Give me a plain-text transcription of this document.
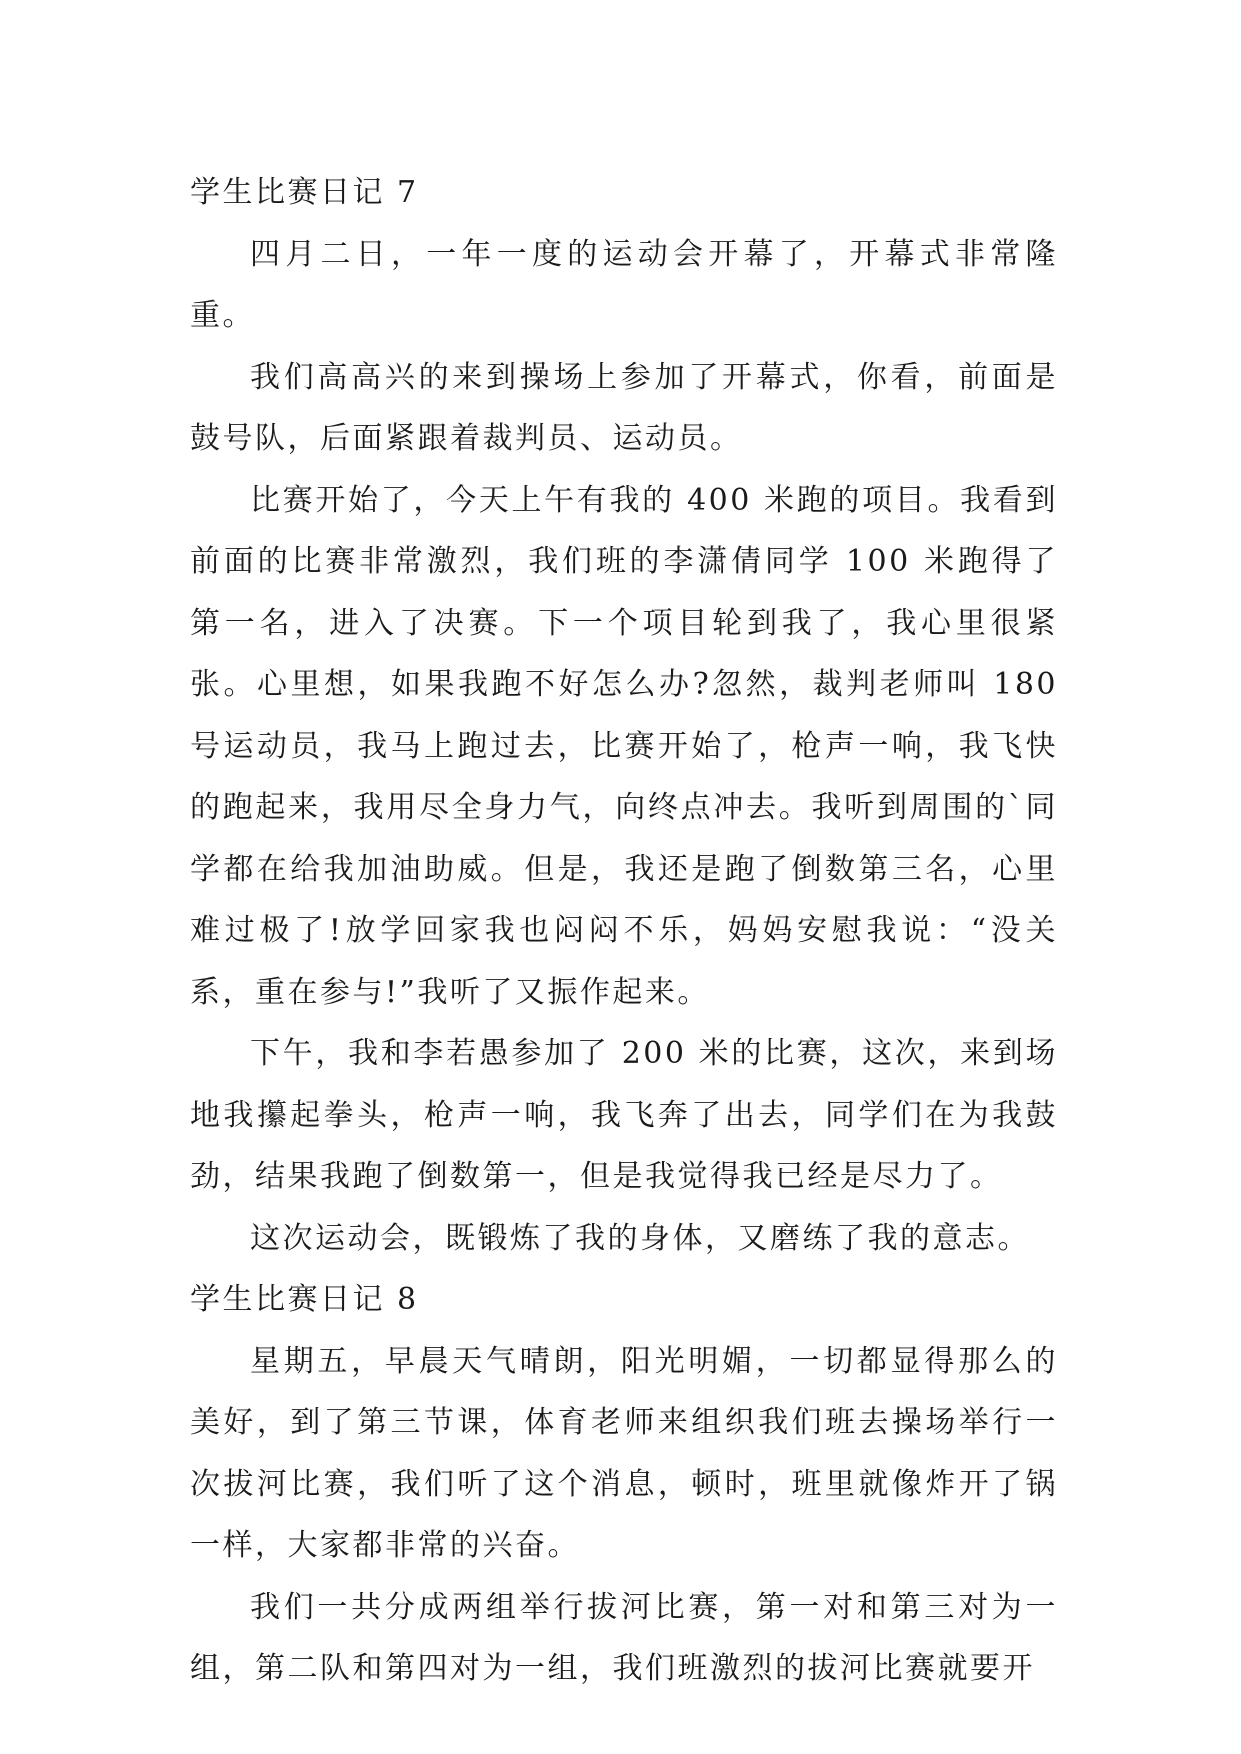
学生比赛日记 7

四月二日，一年一度的运动会开幕了，开幕式非常隆重。

我们高高兴的来到操场上参加了开幕式，你看，前面是鼓号队，后面紧跟着裁判员、运动员。

比赛开始了，今天上午有我的 400 米跑的项目。我看到前面的比赛非常激烈，我们班的李潇倩同学 100 米跑得了第一名，进入了决赛。下一个项目轮到我了，我心里很紧张。心里想，如果我跑不好怎么办?忽然，裁判老师叫 180 号运动员，我马上跑过去，比赛开始了，枪声一响，我飞快的跑起来，我用尽全身力气，向终点冲去。我听到周围的`同学都在给我加油助威。但是，我还是跑了倒数第三名，心里难过极了!放学回家我也闷闷不乐，妈妈安慰我说：“没关系，重在参与!”我听了又振作起来。

下午，我和李若愚参加了 200 米的比赛，这次，来到场地我攥起拳头，枪声一响，我飞奔了出去，同学们在为我鼓劲，结果我跑了倒数第一，但是我觉得我已经是尽力了。

这次运动会，既锻炼了我的身体，又磨练了我的意志。

学生比赛日记 8

星期五，早晨天气晴朗，阳光明媚，一切都显得那么的美好，到了第三节课，体育老师来组织我们班去操场举行一次拔河比赛，我们听了这个消息，顿时，班里就像炸开了锅一样，大家都非常的兴奋。

我们一共分成两组举行拔河比赛，第一对和第三对为一组，第二队和第四对为一组，我们班激烈的拔河比赛就要开
